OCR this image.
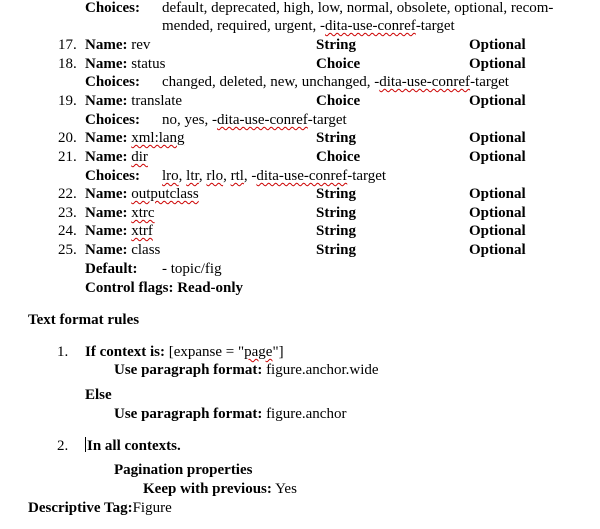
Choices: default, deprecated, high, low, normal, obsolete, optional, recom-
mended, required, urgent, -dita-use-conref-target
17. Name: rev	String	Optional
18. Name: status	Choice	Optional
Choices: changed, deleted, new, unchanged, -dita-use-conref-target
19. Name: translate	Choice	Optional
Choices: no, yes, -dita-use-conref-target
20. Name: xml:lang	String	Optional
21. Name: dir	Choice	Optional
Choices: lro, ltr, rlo, rtl, -dita-use-conref-target
22. Name: outputclass	String	Optional
23. Name: xtrc	String	Optional
24. Name: xtrf	String	Optional
25. Name: class	String	Optional
Default: - topic/fig
Control flags: Read-only
Text format rules
1. If context is: [expanse = "page"]
Use paragraph format: figure.anchor.wide
Else
Use paragraph format: figure.anchor
2. In all contexts.
Pagination properties
Keep with previous: Yes
Descriptive Tag:Figure
